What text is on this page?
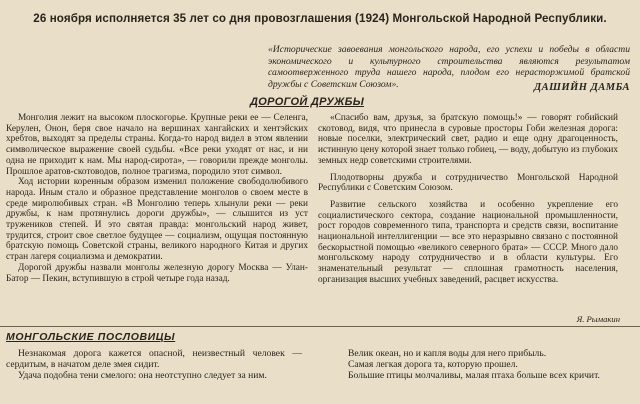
26 ноября исполняется 35 лет со дня провозглашения (1924) Монгольской Народной Республики.
«Исторические завоевания монгольского народа, его успехи и победы в области экономического и культурного строительства являются результатом самоотверженного труда нашего народа, плодом его нерасторжимой братской дружбы с Советским Союзом».	ДАШИЙН ДАМБА
ДОРОГОЙ ДРУЖБЫ

Монголия лежит на высоком плоскогорье. Крупные реки ее — Селенга, Керулен, Онон, беря свое начало на вершинах хангайских и хентэйских хребтов, выходят за пределы страны. Когда-то народ видел в этом явлении символическое выражение своей судьбы. «Все реки уходят от нас, и ни одна не приходит к нам. Мы народ-сирота», — говорили прежде монголы. Прошлое аратов-скотоводов, полное трагизма, породило этот символ.

Ход истории коренным образом изменил положение свободолюбивого народа. Иным стало и образное представление монголов о своем месте в среде миролюбивых стран. «В Монголию теперь хлынули реки — реки дружбы, к нам протянулись дороги дружбы», — слышится из уст тружеников степей. И это святая правда: монгольский народ живет, трудится, строит свое светлое будущее — социализм, ощущая постоянную братскую помощь Советской страны, великого народного Китая и других стран лагеря социализма и демократии.

Дорогой дружбы назвали монголы железную дорогу Москва — Улан-Батор — Пекин, вступившую в строй четыре года назад.

«Спасибо вам, друзья, за братскую помощь!» — говорят гобийский скотовод, видя, что принесла в суровые просторы Гоби железная дорога: новые поселки, электрический свет, радио и еще одну драгоценность, истинную цену которой знает только гобиец, — воду, добытую из глубоких земных недр советскими строителями.

Плодотворны дружба и сотрудничество Монгольской Народной Республики с Советским Союзом.

Развитие сельского хозяйства и особенно укрепление его социалистического сектора, создание национальной промышленности, рост городов современного типа, транспорта и средств связи, воспитание национальной интеллигенции — все это неразрывно связано с постоянной бескорыстной помощью «великого северного брата» — СССР. Много дало монгольскому народу сотрудничество и в области культуры. Его знаменательный результат — сплошная грамотность населения, организация высших учебных заведений, расцвет искусства.

Я. Рымакин
МОНГОЛЬСКИЕ ПОСЛОВИЦЫ

Незнакомая дорога кажется опасной, неизвестный человек — сердитым, в начатом деле змея сидит.

Удача подобна тени смелого: она неотступно следует за ним.

Велик океан, но и капля воды для него прибыль.

Самая легкая дорога та, которую прошел.

Большие птицы молчаливы, малая птаха больше всех кричит.
